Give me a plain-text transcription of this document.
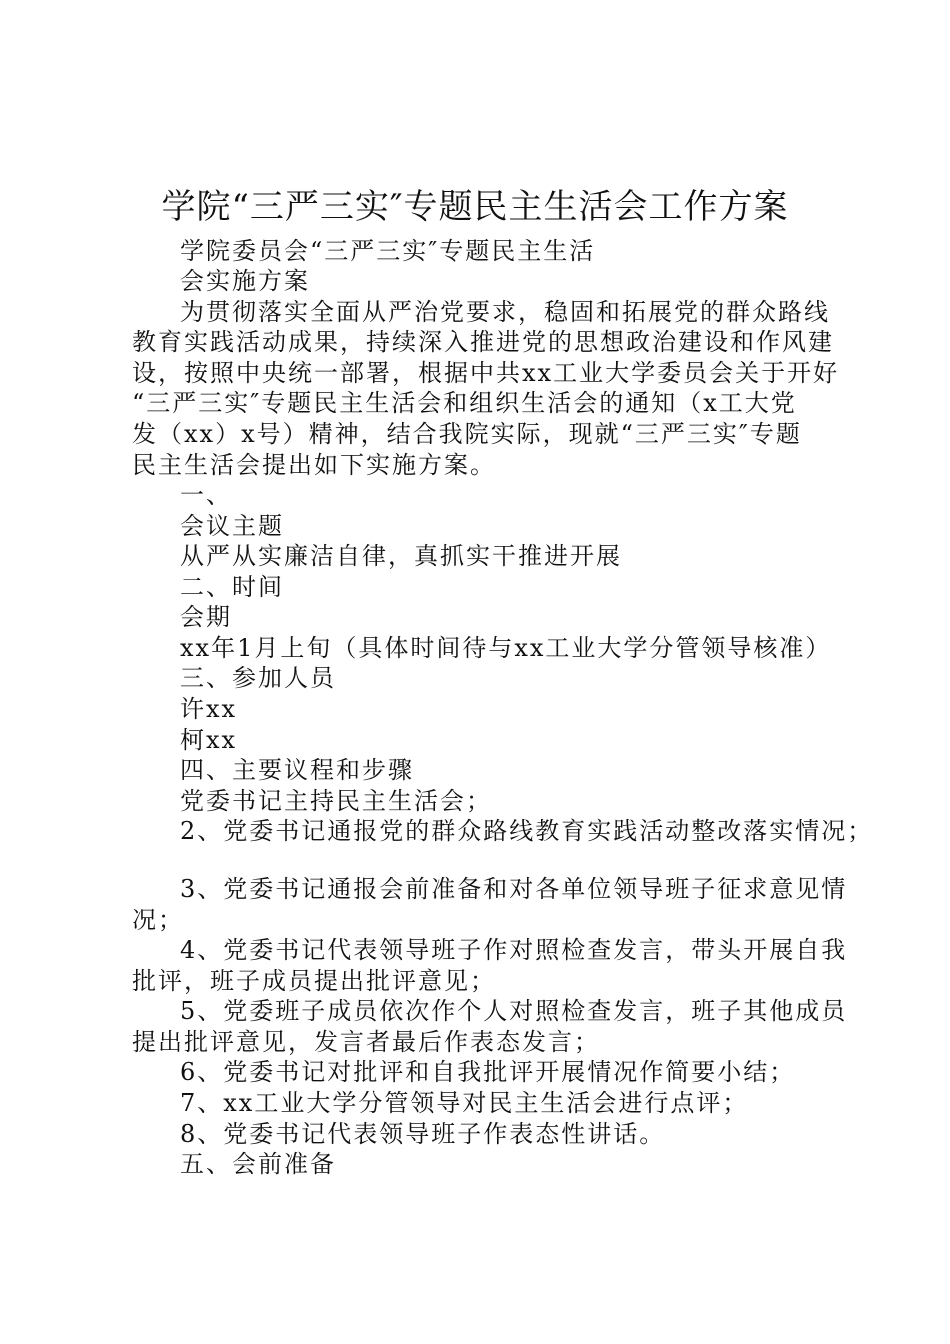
学院“三严三实″专题民主生活会工作方案
学院委员会“三严三实″专题民主生活
会实施方案
为贯彻落实全面从严治党要求，稳固和拓展党的群众路线
教育实践活动成果，持续深入推进党的思想政治建设和作风建
设，按照中央统一部署，根据中共xx工业大学委员会关于开好
“三严三实″专题民主生活会和组织生活会的通知（x工大党
发（xx）x号）精神，结合我院实际，现就“三严三实″专题
民主生活会提出如下实施方案。
一、
会议主题
从严从实廉洁自律，真抓实干推进开展
二、时间
会期
xx年1月上旬（具体时间待与xx工业大学分管领导核准）
三、参加人员
许xx
柯xx
四、主要议程和步骤
党委书记主持民主生活会；
2、党委书记通报党的群众路线教育实践活动整改落实情况；
3、党委书记通报会前准备和对各单位领导班子征求意见情
况；
4、党委书记代表领导班子作对照检查发言，带头开展自我
批评，班子成员提出批评意见；
5、党委班子成员依次作个人对照检查发言，班子其他成员
提出批评意见，发言者最后作表态发言；
6、党委书记对批评和自我批评开展情况作简要小结；
7、xx工业大学分管领导对民主生活会进行点评；
8、党委书记代表领导班子作表态性讲话。
五、会前准备
